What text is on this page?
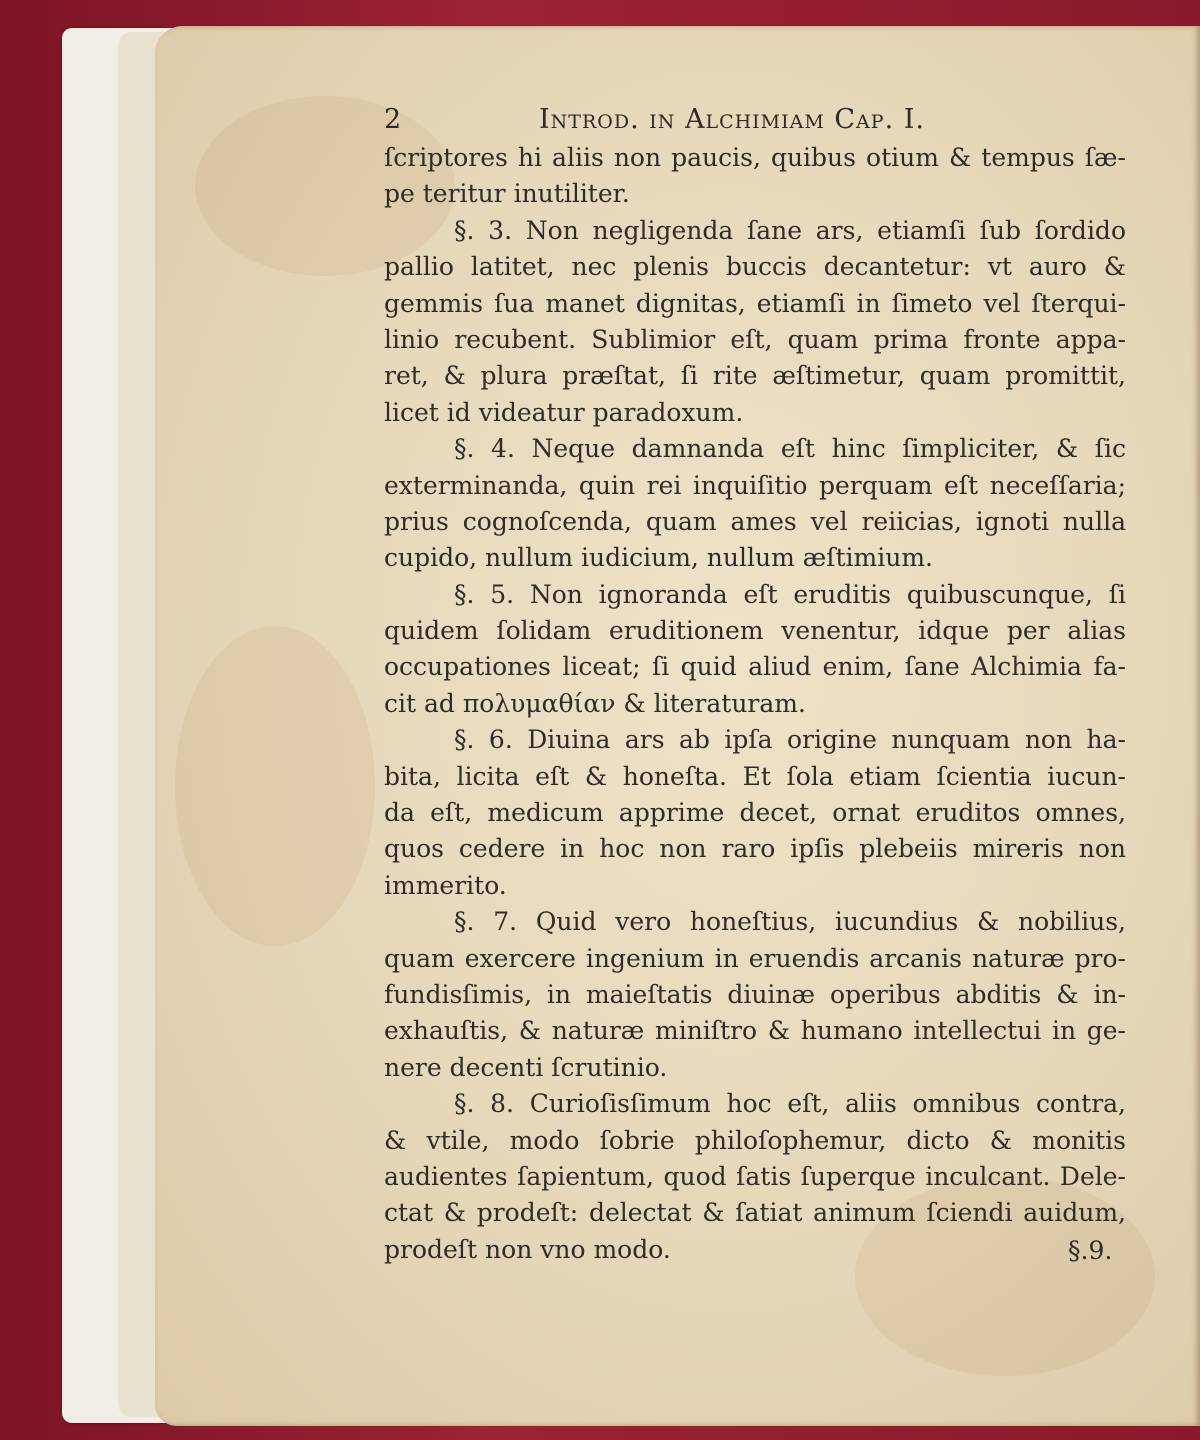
2	Introd. in Alchimiam Cap. I.
ſcriptores hi aliis non paucis, quibus otium & tempus ſæ-
pe teritur inutiliter.
§. 3. Non negligenda ſane ars, etiamſi ſub ſordido
pallio latitet, nec plenis buccis decantetur: vt auro &
gemmis ſua manet dignitas, etiamſi in ſimeto vel ſterqui-
linio recubent. Sublimior eſt, quam prima fronte appa-
ret, & plura præſtat, ſi rite æſtimetur, quam promittit,
licet id videatur paradoxum.
§. 4. Neque damnanda eſt hinc ſimpliciter, & ſic
exterminanda, quin rei inquiſitio perquam eſt neceſſaria;
prius cognoſcenda, quam ames vel reiicias, ignoti nulla
cupido, nullum iudicium, nullum æſtimium.
§. 5. Non ignoranda eſt eruditis quibuscunque, ſi
quidem ſolidam eruditionem venentur, idque per alias
occupationes liceat; ſi quid aliud enim, ſane Alchimia fa-
cit ad πολυμαθίαν & literaturam.
§. 6. Diuina ars ab ipſa origine nunquam non ha-
bita, licita eſt & honeſta. Et ſola etiam ſcientia iucun-
da eſt, medicum apprime decet, ornat eruditos omnes,
quos cedere in hoc non raro ipſis plebeiis mireris non
immerito.
§. 7. Quid vero honeſtius, iucundius & nobilius,
quam exercere ingenium in eruendis arcanis naturæ pro-
fundisſimis, in maieſtatis diuinæ operibus abditis & in-
exhauſtis, & naturæ miniſtro & humano intellectui in ge-
nere decenti ſcrutinio.
§. 8. Curioſisſimum hoc eſt, aliis omnibus contra,
& vtile, modo ſobrie philoſophemur, dicto & monitis
audientes ſapientum, quod ſatis ſuperque inculcant. Dele-
ctat & prodeſt: delectat & ſatiat animum ſciendi auidum,
prodeſt non vno modo.	§.9.
